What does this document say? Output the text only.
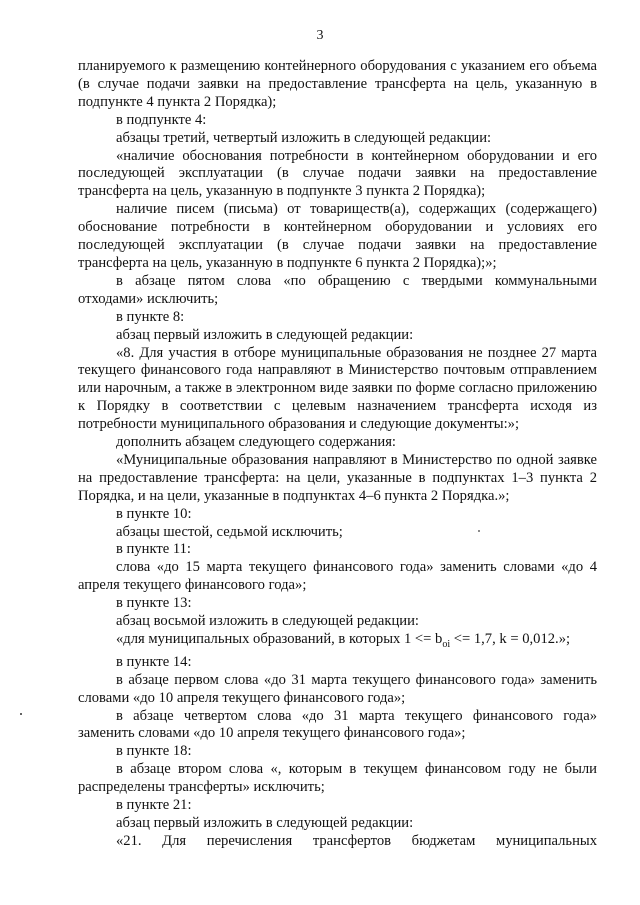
3

планируемого к размещению контейнерного оборудования с указанием его объема (в случае подачи заявки на предоставление трансферта на цель, указанную в подпункте 4 пункта 2 Порядка);

в подпункте 4:

абзацы третий, четвертый изложить в следующей редакции:

«наличие обоснования потребности в контейнерном оборудовании и его последующей эксплуатации (в случае подачи заявки на предоставление трансферта на цель, указанную в подпункте 3 пункта 2 Порядка);

наличие писем (письма) от товариществ(а), содержащих (содержащего) обоснование потребности в контейнерном оборудовании и условиях его последующей эксплуатации (в случае подачи заявки на предоставление трансферта на цель, указанную в подпункте 6 пункта 2 Порядка);»;

в абзаце пятом слова «по обращению с твердыми коммунальными отходами» исключить;

в пункте 8:

абзац первый изложить в следующей редакции:

«8. Для участия в отборе муниципальные образования не позднее 27 марта текущего финансового года направляют в Министерство почтовым отправлением или нарочным, а также в электронном виде заявки по форме согласно приложению к Порядку в соответствии с целевым назначением трансферта исходя из потребности муниципального образования и следующие документы:»;

дополнить абзацем следующего содержания:

«Муниципальные образования направляют в Министерство по одной заявке на предоставление трансферта: на цели, указанные в подпунктах 1–3 пункта 2 Порядка, и на цели, указанные в подпунктах 4–6 пункта 2 Порядка.»;

в пункте 10:

абзацы шестой, седьмой исключить;

в пункте 11:

слова «до 15 марта текущего финансового года» заменить словами «до 4 апреля текущего финансового года»;

в пункте 13:

абзац восьмой изложить в следующей редакции:

«для муниципальных образований, в которых $1 <= b_{oi} <= 1,7$, k = 0,012.»;

в пункте 14:

в абзаце первом слова «до 31 марта текущего финансового года» заменить словами «до 10 апреля текущего финансового года»;

в абзаце четвертом слова «до 31 марта текущего финансового года» заменить словами «до 10 апреля текущего финансового года»;

в пункте 18:

в абзаце втором слова «, которым в текущем финансовом году не были распределены трансферты» исключить;

в пункте 21:

абзац первый изложить в следующей редакции:

«21. Для перечисления трансфертов бюджетам муниципальных
